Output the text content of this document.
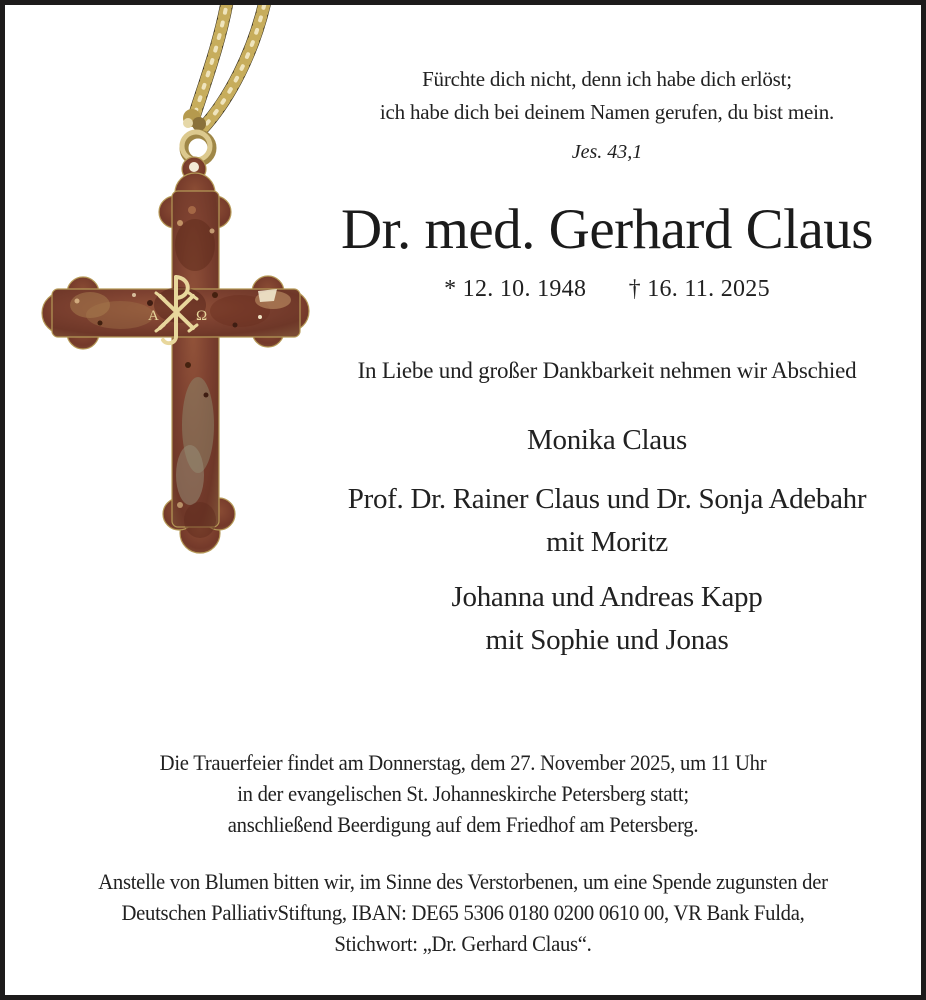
Α Ω
Fürchte dich nicht, denn ich habe dich erlöst;
ich habe dich bei deinem Namen gerufen, du bist mein.
Jes. 43,1
Dr. med. Gerhard Claus
* 12. 10. 1948 † 16. 11. 2025
In Liebe und großer Dankbarkeit nehmen wir Abschied
Monika Claus
Prof. Dr. Rainer Claus und Dr. Sonja Adebahr
mit Moritz
Johanna und Andreas Kapp
mit Sophie und Jonas

Die Trauerfeier findet am Donnerstag, dem 27. November 2025, um 11 Uhr
in der evangelischen St. Johanneskirche Petersberg statt;
anschließend Beerdigung auf dem Friedhof am Petersberg.

Anstelle von Blumen bitten wir, im Sinne des Verstorbenen, um eine Spende zugunsten der
Deutschen PalliativStiftung, IBAN: DE65 5306 0180 0200 0610 00, VR Bank Fulda,
Stichwort: „Dr. Gerhard Claus“.
